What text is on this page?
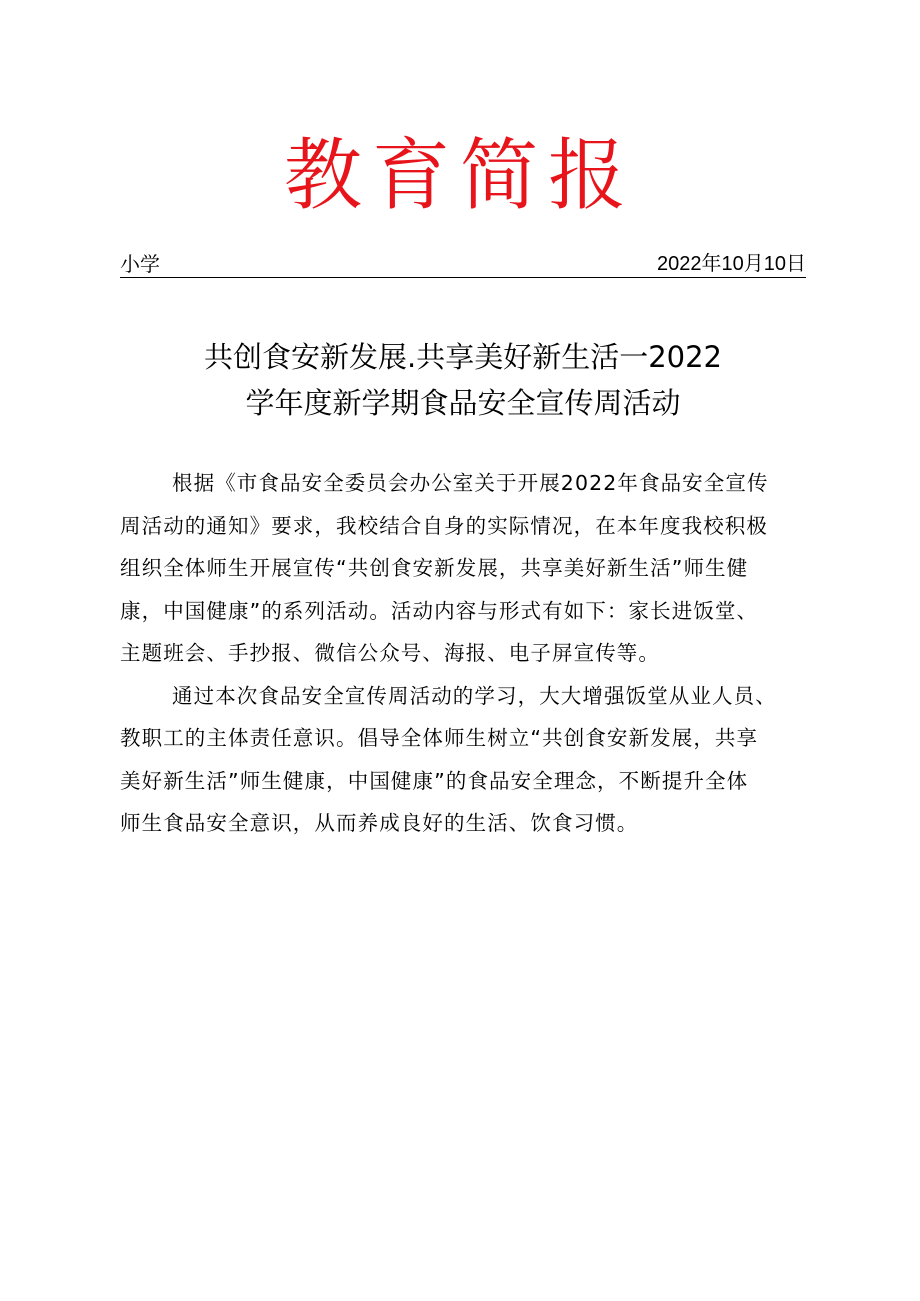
教育简报
小学	2022年10月10日
共创食安新发展.共享美好新生活一2022
学年度新学期食品安全宣传周活动
根据《市食品安全委员会办公室关于开展2022年食品安全宣传
周活动的通知》要求，我校结合自身的实际情况，在本年度我校积极
组织全体师生开展宣传“共创食安新发展，共享美好新生活”师生健
康，中国健康”的系列活动。活动内容与形式有如下：家长进饭堂、
主题班会、手抄报、微信公众号、海报、电子屏宣传等。
通过本次食品安全宣传周活动的学习，大大增强饭堂从业人员、
教职工的主体责任意识。倡导全体师生树立“共创食安新发展，共享
美好新生活”师生健康，中国健康”的食品安全理念，不断提升全体
师生食品安全意识，从而养成良好的生活、饮食习惯。
